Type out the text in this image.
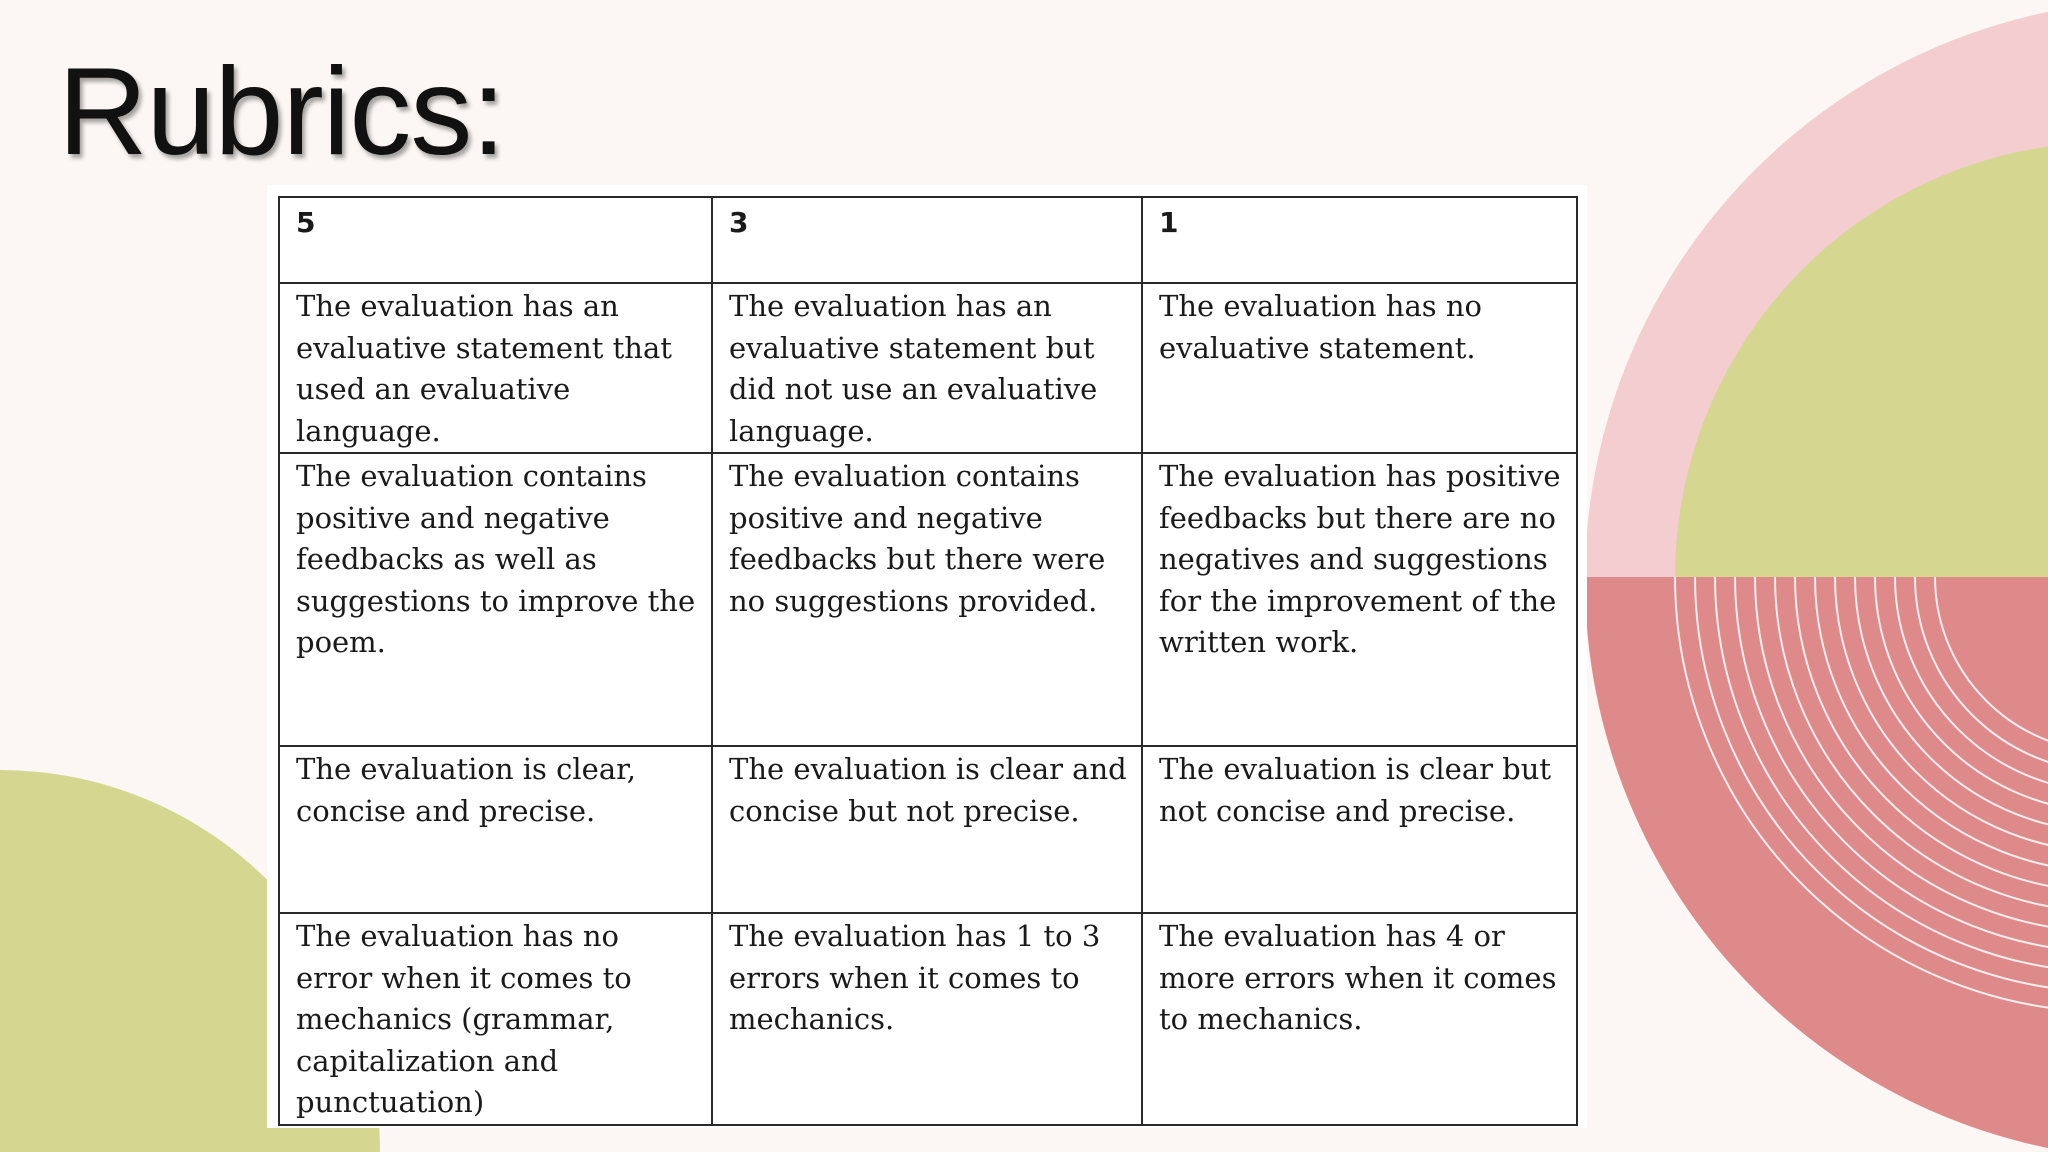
Rubrics:
5	3	1
The evaluation has an evaluative statement that used an evaluative language.	The evaluation has an evaluative statement but did not use an evaluative language.	The evaluation has no evaluative statement.
The evaluation contains positive and negative feedbacks as well as suggestions to improve the poem.	The evaluation contains positive and negative feedbacks but there were no suggestions provided.	The evaluation has positive feedbacks but there are no negatives and suggestions for the improvement of the written work.
The evaluation is clear, concise and precise.	The evaluation is clear and concise but not precise.	The evaluation is clear but not concise and precise.
The evaluation has no error when it comes to mechanics (grammar, capitalization and punctuation)	The evaluation has 1 to 3 errors when it comes to mechanics.	The evaluation has 4 or more errors when it comes to mechanics.
